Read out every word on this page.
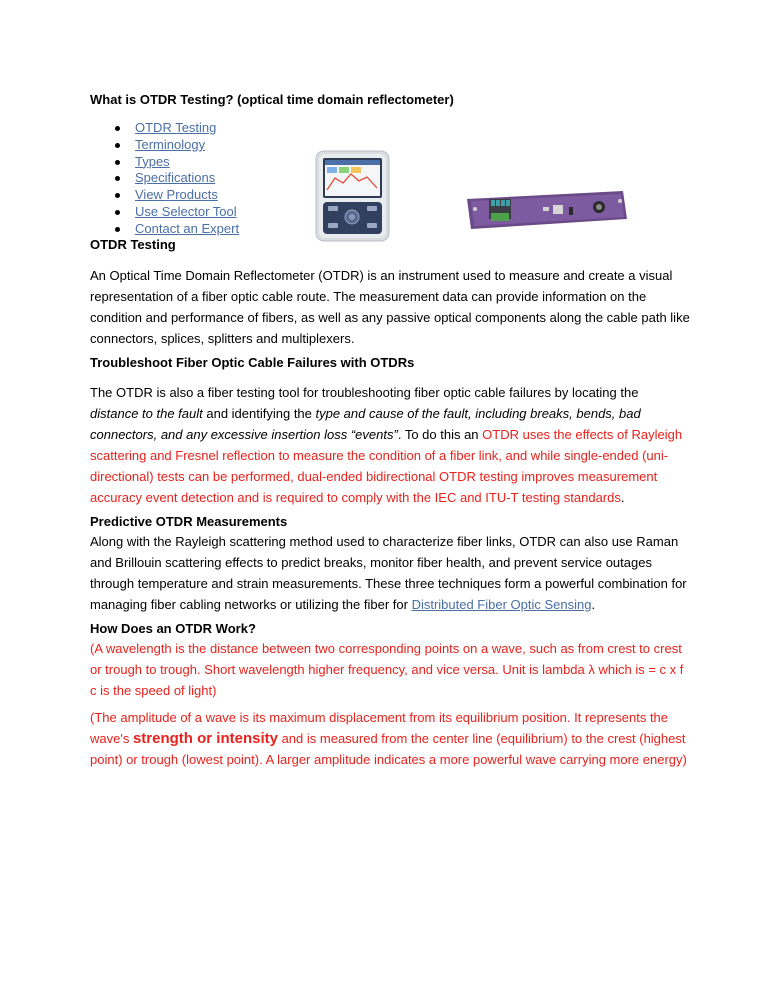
What is OTDR Testing? (optical time domain reflectometer)
OTDR Testing
Terminology
Types
Specifications
View Products
Use Selector Tool
Contact an Expert
OTDR Testing
An Optical Time Domain Reflectometer (OTDR) is an instrument used to measure and create a visual representation of a fiber optic cable route. The measurement data can provide information on the condition and performance of fibers, as well as any passive optical components along the cable path like connectors, splices, splitters and multiplexers.
Troubleshoot Fiber Optic Cable Failures with OTDRs
The OTDR is also a fiber testing tool for troubleshooting fiber optic cable failures by locating the distance to the fault and identifying the type and cause of the fault, including breaks, bends, bad connectors, and any excessive insertion loss “events”. To do this an OTDR uses the effects of Rayleigh scattering and Fresnel reflection to measure the condition of a fiber link, and while single-ended (uni-directional) tests can be performed, dual-ended bidirectional OTDR testing improves measurement accuracy event detection and is required to comply with the IEC and ITU-T testing standards.
Predictive OTDR Measurements
Along with the Rayleigh scattering method used to characterize fiber links, OTDR can also use Raman and Brillouin scattering effects to predict breaks, monitor fiber health, and prevent service outages through temperature and strain measurements. These three techniques form a powerful combination for managing fiber cabling networks or utilizing the fiber for Distributed Fiber Optic Sensing.
How Does an OTDR Work?
(A wavelength is the distance between two corresponding points on a wave, such as from crest to crest or trough to trough. Short wavelength higher frequency, and vice versa. Unit is lambda λ which is = c x f c is the speed of light)
(The amplitude of a wave is its maximum displacement from its equilibrium position. It represents the wave's strength or intensity and is measured from the center line (equilibrium) to the crest (highest point) or trough (lowest point). A larger amplitude indicates a more powerful wave carrying more energy)
